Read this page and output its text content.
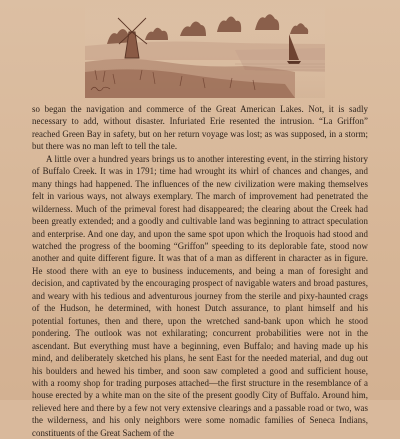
so began the navigation and commerce of the Great American Lakes. Not, it is sadly necessary to add, without disaster. Infuriated Erie resented the intrusion. “La Griffon” reached Green Bay in safety, but on her return voyage was lost; as was supposed, in a storm; but there was no man left to tell the tale.

A little over a hundred years brings us to another interesting event, in the stirring history of Buffalo Creek. It was in 1791; time had wrought its whirl of chances and changes, and many things had happened. The influences of the new civilization were making themselves felt in various ways, not always exemplary. The march of improvement had penetrated the wilderness. Much of the primeval forest had disappeared; the clearing about the Creek had been greatly extended; and a goodly and cultivable land was beginning to attract speculation and enterprise. And one day, and upon the same spot upon which the Iroquois had stood and watched the progress of the booming “Griffon” speeding to its deplorable fate, stood now another and quite different figure. It was that of a man as different in character as in figure. He stood there with an eye to business inducements, and being a man of foresight and decision, and captivated by the encouraging prospect of navigable waters and broad pastures, and weary with his tedious and adventurous journey from the sterile and pixy-haunted crags of the Hudson, he determined, with honest Dutch assurance, to plant himself and his potential fortunes, then and there, upon the wretched sand-bank upon which he stood pondering. The outlook was not exhilarating; concurrent probabilities were not in the ascendant. But everything must have a beginning, even Buffalo; and having made up his mind, and deliberately sketched his plans, he sent East for the needed material, and dug out his boulders and hewed his timber, and soon saw completed a good and sufficient house, with a roomy shop for trading purposes attached—the first structure in the resemblance of a house erected by a white man on the site of the present goodly City of Buffalo. Around him, relieved here and there by a few not very extensive clearings and a passable road or two, was the wilderness, and his only neighbors were some nomadic families of Seneca Indians, constituents of the Great Sachem of the
